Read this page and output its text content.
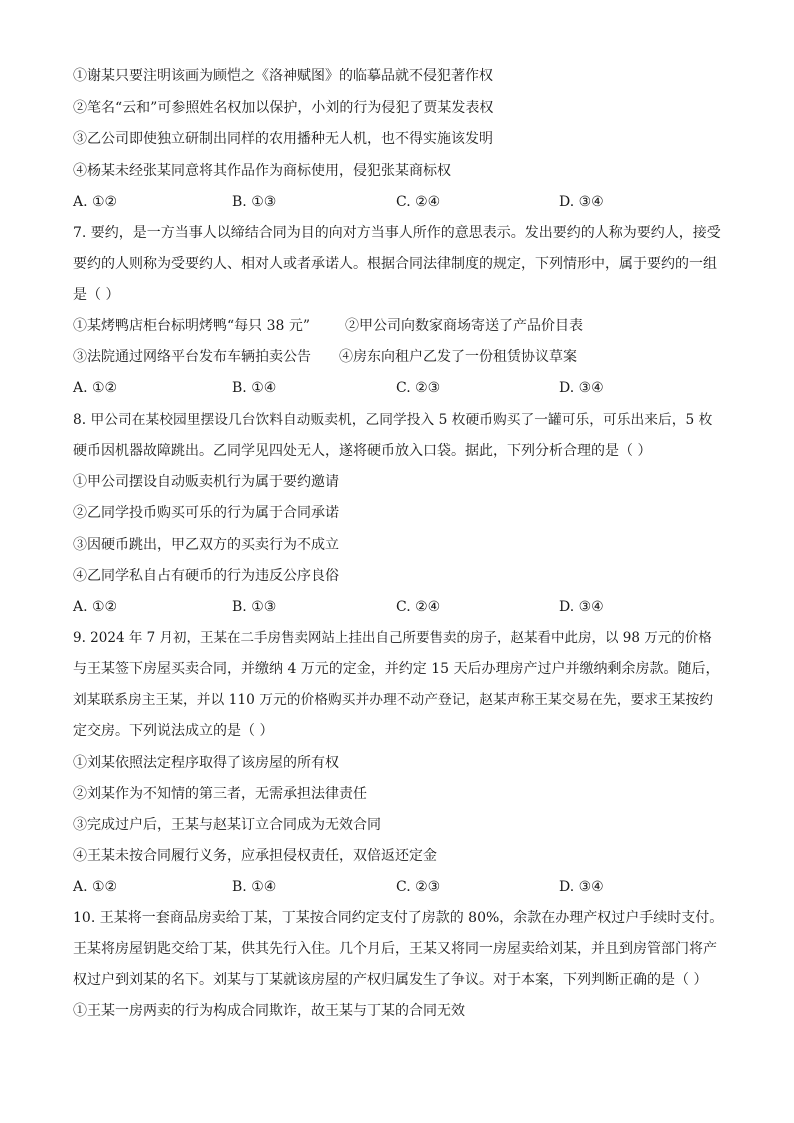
①谢某只要注明该画为顾恺之《洛神赋图》的临摹品就不侵犯著作权
②笔名“云和”可参照姓名权加以保护，小刘的行为侵犯了贾某发表权
③乙公司即使独立研制出同样的农用播种无人机，也不得实施该发明
④杨某未经张某同意将其作品作为商标使用，侵犯张某商标权
A. ①②	B. ①③	C. ②④	D. ③④
7. 要约，是一方当事人以缔结合同为目的向对方当事人所作的意思表示。发出要约的人称为要约人，接受
要约的人则称为受要约人、相对人或者承诺人。根据合同法律制度的规定，下列情形中，属于要约的一组
是（ ）
①某烤鸭店柜台标明烤鸭“每只 38 元” ②甲公司向数家商场寄送了产品价目表
③法院通过网络平台发布车辆拍卖公告 ④房东向租户乙发了一份租赁协议草案
A. ①②	B. ①④	C. ②③	D. ③④
8. 甲公司在某校园里摆设几台饮料自动贩卖机，乙同学投入 5 枚硬币购买了一罐可乐，可乐出来后，5 枚
硬币因机器故障跳出。乙同学见四处无人，遂将硬币放入口袋。据此，下列分析合理的是（ ）
①甲公司摆设自动贩卖机行为属于要约邀请
②乙同学投币购买可乐的行为属于合同承诺
③因硬币跳出，甲乙双方的买卖行为不成立
④乙同学私自占有硬币的行为违反公序良俗
A. ①②	B. ①③	C. ②④	D. ③④
9. 2024 年 7 月初，王某在二手房售卖网站上挂出自己所要售卖的房子，赵某看中此房，以 98 万元的价格
与王某签下房屋买卖合同，并缴纳 4 万元的定金，并约定 15 天后办理房产过户并缴纳剩余房款。随后，
刘某联系房主王某，并以 110 万元的价格购买并办理不动产登记，赵某声称王某交易在先，要求王某按约
定交房。下列说法成立的是（ ）
①刘某依照法定程序取得了该房屋的所有权
②刘某作为不知情的第三者，无需承担法律责任
③完成过户后，王某与赵某订立合同成为无效合同
④王某未按合同履行义务，应承担侵权责任，双倍返还定金
A. ①②	B. ①④	C. ②③	D. ③④
10. 王某将一套商品房卖给丁某，丁某按合同约定支付了房款的 80%，余款在办理产权过户手续时支付。
王某将房屋钥匙交给丁某，供其先行入住。几个月后，王某又将同一房屋卖给刘某，并且到房管部门将产
权过户到刘某的名下。刘某与丁某就该房屋的产权归属发生了争议。对于本案，下列判断正确的是（ ）
①王某一房两卖的行为构成合同欺诈，故王某与丁某的合同无效
